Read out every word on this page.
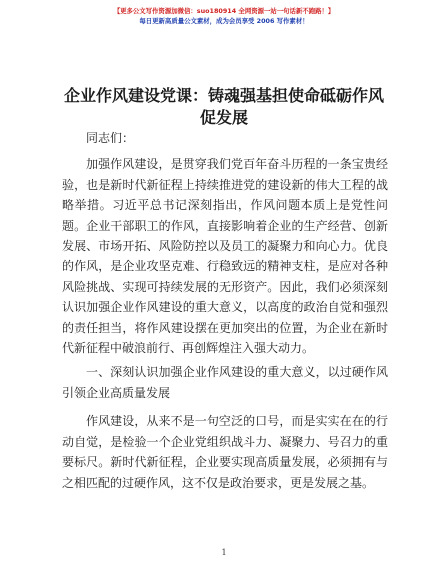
【更多公文写作资源加微信：suo180914 全网资源一站一句话新不跑路！】
每日更新高质量公文素材，成为会员享受 2006 写作素材！
企业作风建设党课：铸魂强基担使命砥砺作风促发展

同志们：

加强作风建设，是贯穿我们党百年奋斗历程的一条宝贵经验，也是新时代新征程上持续推进党的建设新的伟大工程的战略举措。习近平总书记深刻指出，作风问题本质上是党性问题。企业干部职工的作风，直接影响着企业的生产经营、创新发展、市场开拓、风险防控以及员工的凝聚力和向心力。优良的作风，是企业攻坚克难、行稳致远的精神支柱，是应对各种风险挑战、实现可持续发展的无形资产。因此，我们必须深刻认识加强企业作风建设的重大意义，以高度的政治自觉和强烈的责任担当，将作风建设摆在更加突出的位置，为企业在新时代新征程中破浪前行、再创辉煌注入强大动力。

一、深刻认识加强企业作风建设的重大意义，以过硬作风引领企业高质量发展

作风建设，从来不是一句空泛的口号，而是实实在在的行动自觉，是检验一个企业党组织战斗力、凝聚力、号召力的重要标尺。新时代新征程，企业要实现高质量发展，必须拥有与之相匹配的过硬作风，这不仅是政治要求，更是发展之基。

1
